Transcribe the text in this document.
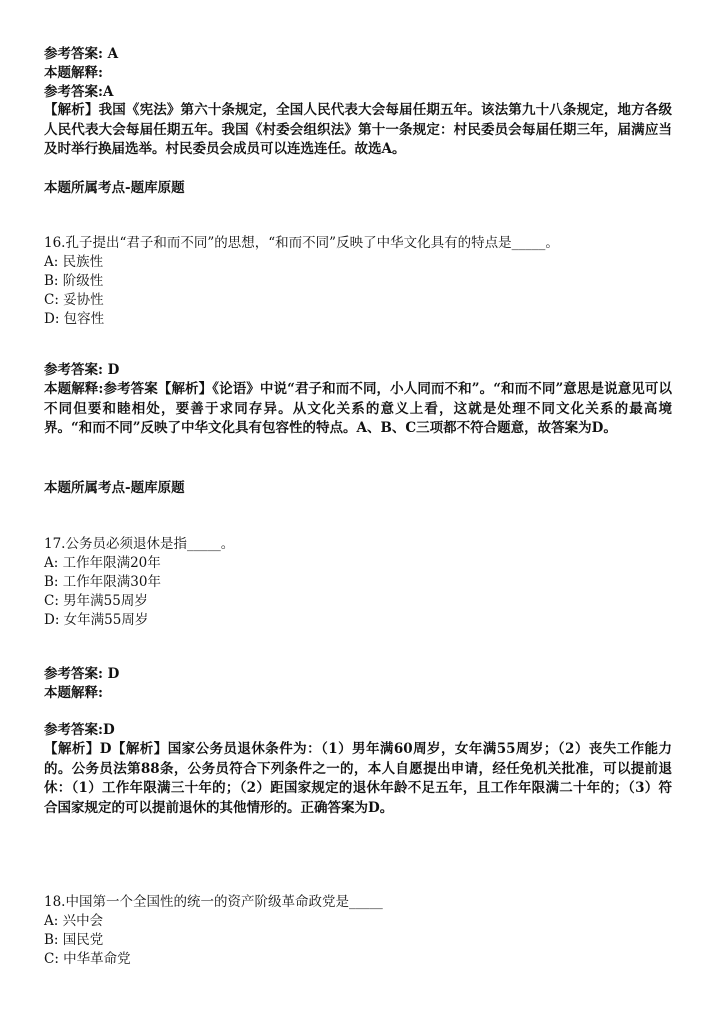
参考答案: A
本题解释:
参考答案:A

【解析】我国《宪法》第六十条规定，全国人民代表大会每届任期五年。该法第九十八条规定，地方各级人民代表大会每届任期五年。我国《村委会组织法》第十一条规定：村民委员会每届任期三年，届满应当及时举行换届选举。村民委员会成员可以连选连任。故选A。

本题所属考点-题库原题
16.孔子提出“君子和而不同”的思想，“和而不同”反映了中华文化具有的特点是_____。
A: 民族性
B: 阶级性
C: 妥协性
D: 包容性
参考答案: D

本题解释:参考答案【解析】《论语》中说“君子和而不同，小人同而不和”。“和而不同”意思是说意见可以不同但要和睦相处，要善于求同存异。从文化关系的意义上看，这就是处理不同文化关系的最高境界。“和而不同”反映了中华文化具有包容性的特点。A、B、C三项都不符合题意，故答案为D。

本题所属考点-题库原题
17.公务员必须退休是指_____。
A: 工作年限满20年
B: 工作年限满30年
C: 男年满55周岁
D: 女年满55周岁
参考答案: D
本题解释:
参考答案:D

【解析】D【解析】国家公务员退休条件为：（1）男年满60周岁，女年满55周岁；（2）丧失工作能力的。公务员法第88条，公务员符合下列条件之一的，本人自愿提出申请，经任免机关批准，可以提前退休：（1）工作年限满三十年的；（2）距国家规定的退休年龄不足五年，且工作年限满二十年的；（3）符合国家规定的可以提前退休的其他情形的。正确答案为D。

18.中国第一个全国性的统一的资产阶级革命政党是_____
A: 兴中会
B: 国民党
C: 中华革命党
